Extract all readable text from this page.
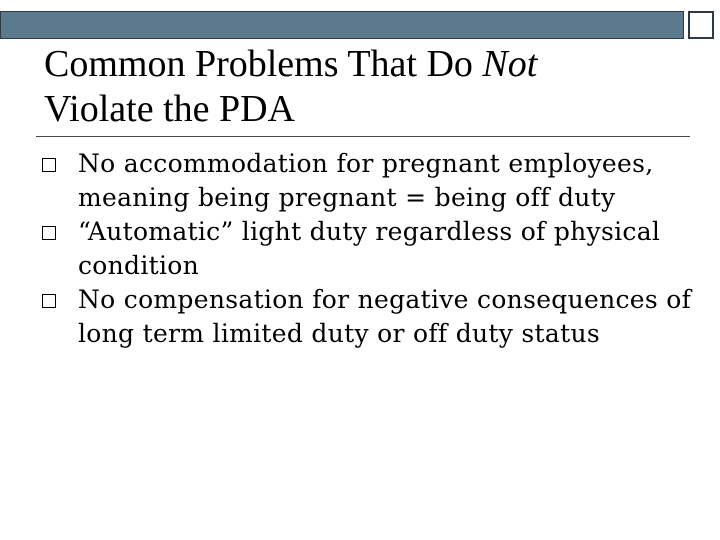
Common Problems That Do Not
Violate the PDA
No accommodation for pregnant employees, meaning being pregnant = being off duty
“Automatic” light duty regardless of physical condition
No compensation for negative consequences of long term limited duty or off duty status
